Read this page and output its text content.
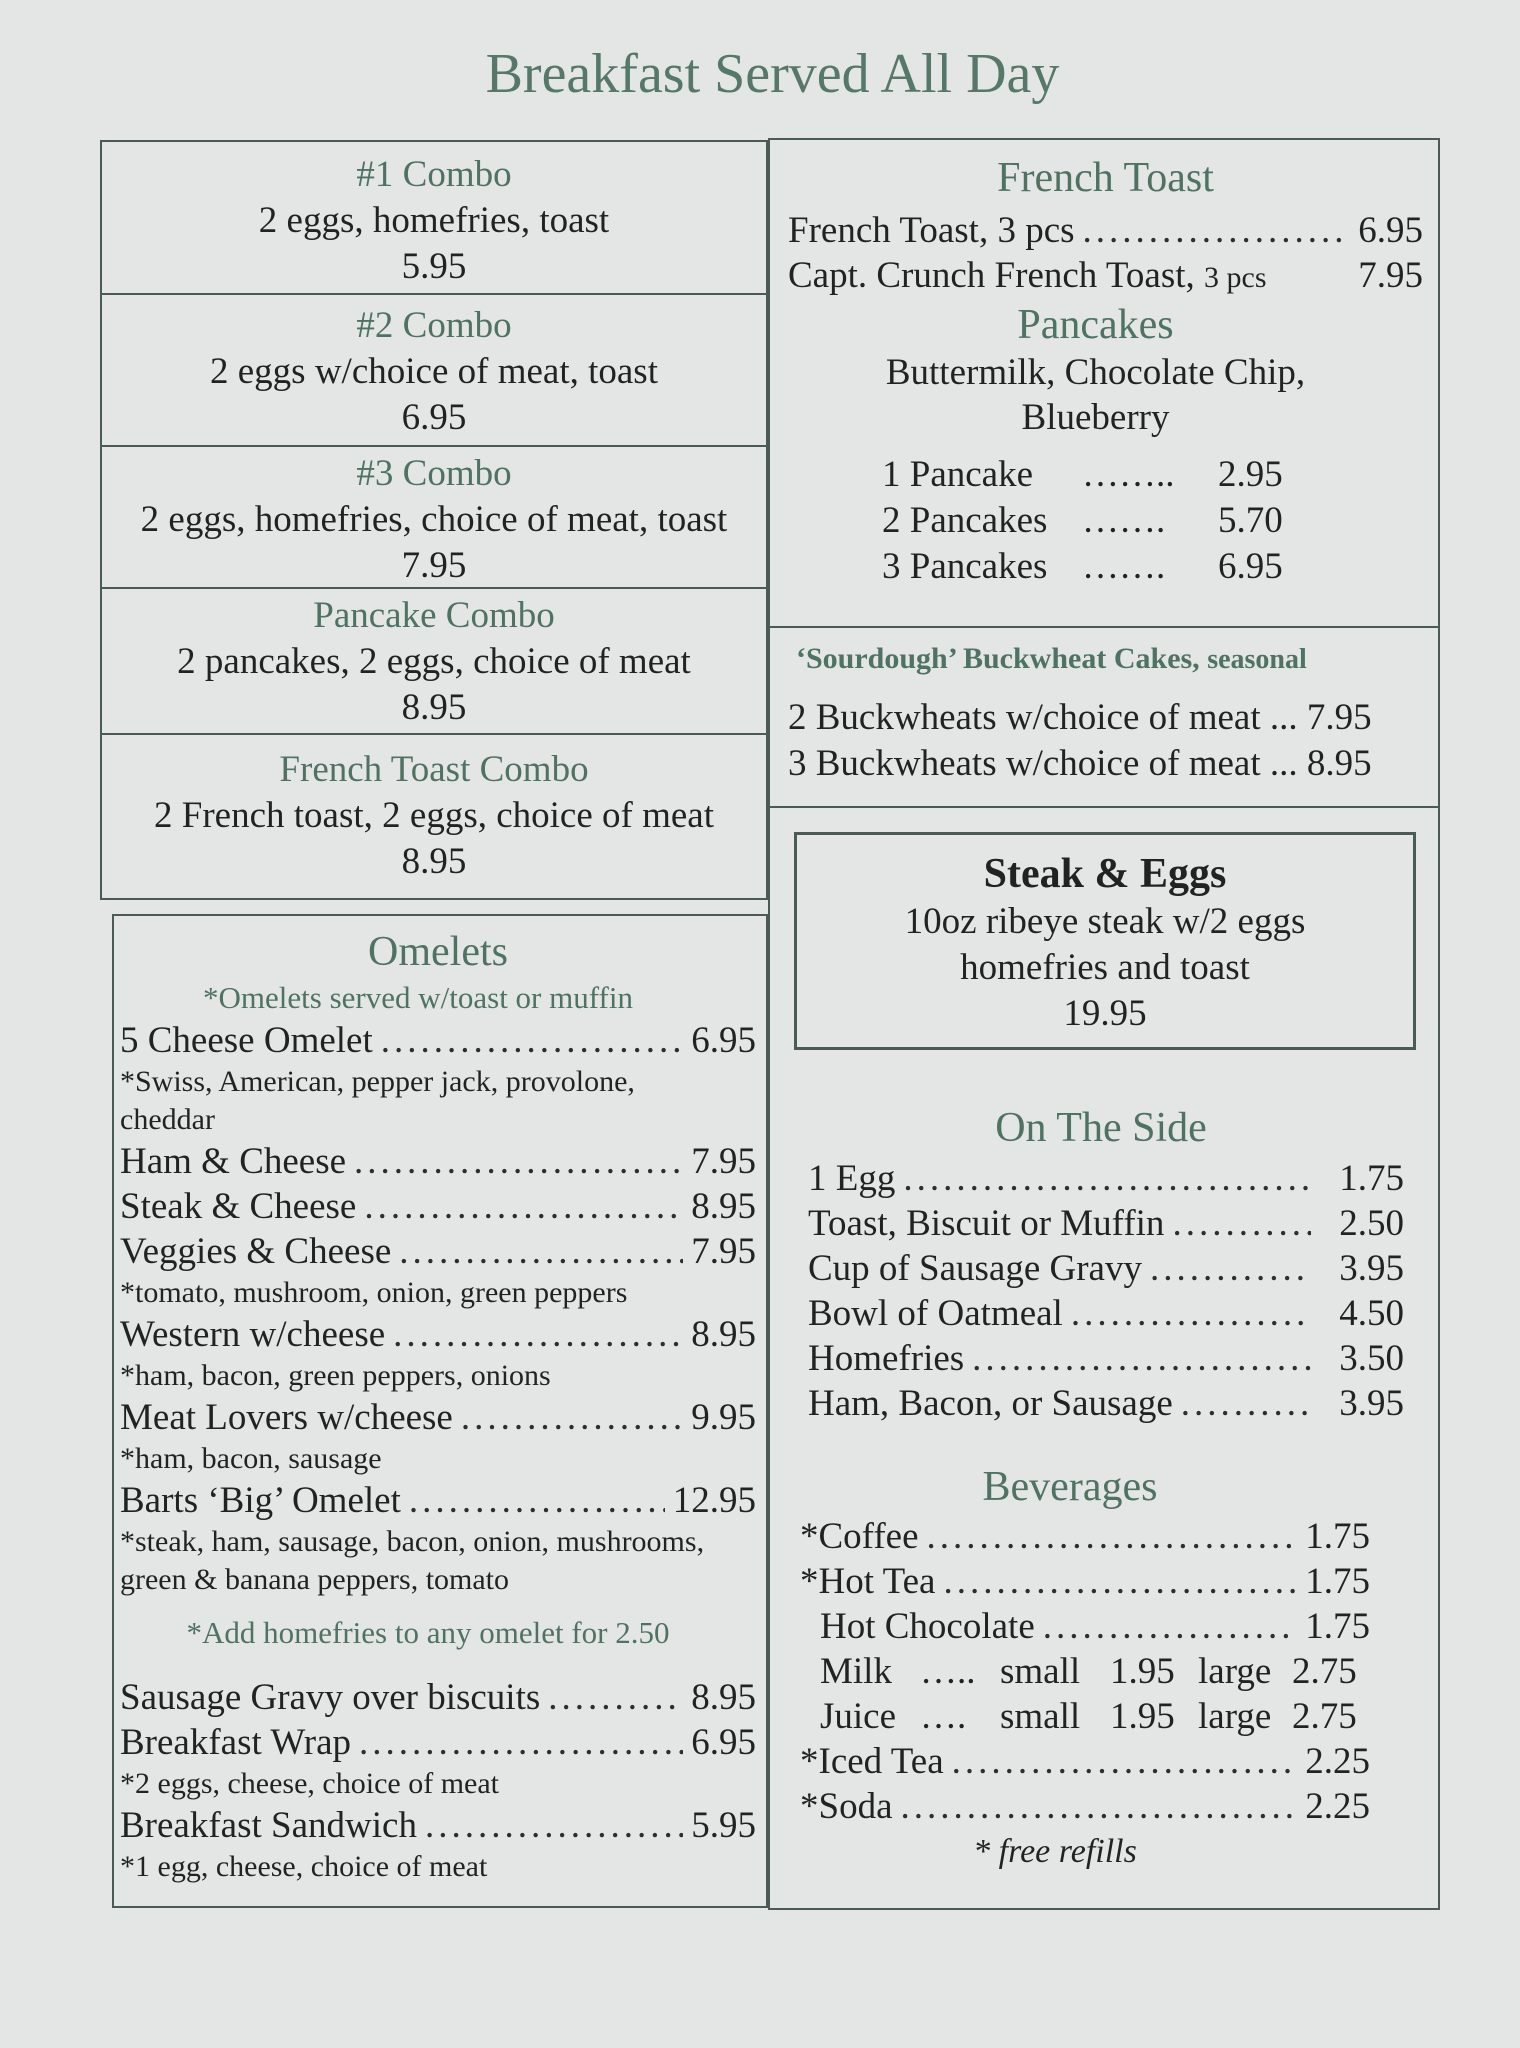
Breakfast Served All Day
#1 Combo
2 eggs, homefries, toast
5.95
#2 Combo
2 eggs w/choice of meat, toast
6.95
#3 Combo
2 eggs, homefries, choice of meat, toast
7.95
Pancake Combo
2 pancakes, 2 eggs, choice of meat
8.95
French Toast Combo
2 French toast, 2 eggs, choice of meat
8.95
Omelets
*Omelets served w/toast or muffin
5 Cheese Omelet .....	6.95
*Swiss, American, pepper jack, provolone, cheddar
Ham & Cheese .....	7.95
Steak & Cheese .....	8.95
Veggies & Cheese .....	7.95
*tomato, mushroom, onion, green peppers
Western w/cheese .....	8.95
*ham, bacon, green peppers, onions
Meat Lovers w/cheese .....	9.95
*ham, bacon, sausage
Barts ‘Big’ Omelet .....	12.95
*steak, ham, sausage, bacon, onion, mushrooms, green & banana peppers, tomato
*Add homefries to any omelet for 2.50
Sausage Gravy over biscuits .....	8.95
Breakfast Wrap .....	6.95
*2 eggs, cheese, choice of meat
Breakfast Sandwich .....	5.95
*1 egg, cheese, choice of meat
French Toast
French Toast, 3 pcs .....	6.95
Capt. Crunch French Toast,
3 pcs 7.95
Pancakes
Buttermilk, Chocolate Chip,
Blueberry
1 Pancake	……..	2.95
2 Pancakes …….	5.70
3 Pancakes …….	6.95
‘Sourdough’ Buckwheat Cakes, seasonal
2 Buckwheats w/choice of meat ... 7.95
3 Buckwheats w/choice of meat ... 8.95
Steak & Eggs
10oz ribeye steak w/2 eggs
homefries and toast
19.95
On The Side
1 Egg .....	1.75
Toast, Biscuit or Muffin .....	2.50
Cup of Sausage Gravy .....	3.95
Bowl of Oatmeal .....	4.50
Homefries .....	3.50
Ham, Bacon, or Sausage .....	3.95
Beverages
*Coffee .....	1.75
*Hot Tea .....	1.75
Hot Chocolate .....	1.75
Milk ….. small 1.95 large 2.75
Juice …. small 1.95 large 2.75
*Iced Tea .....	2.25
*Soda .....	2.25
* free refills
